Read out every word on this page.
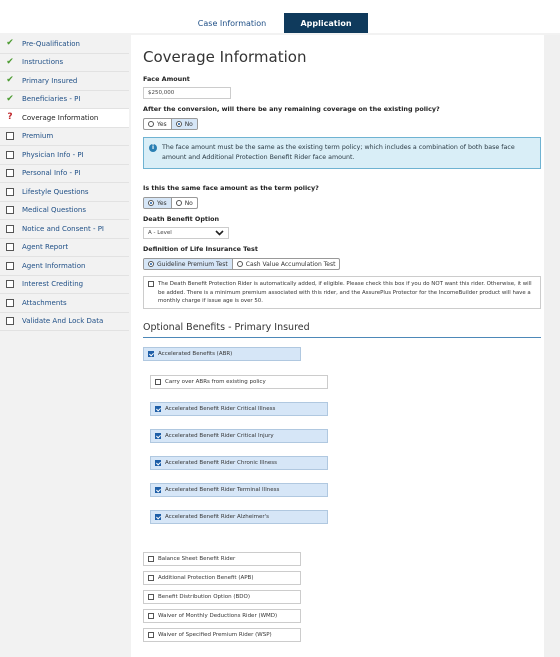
Case Information	Application
✔ Pre-Qualification
✔ Instructions
✔ Primary Insured
✔ Beneficiaries - PI
?	Coverage Information
Premium
Physician Info - PI
Personal Info - PI
Lifestyle Questions
Medical Questions
Notice and Consent - PI
Agent Report
Agent Information
Interest Crediting
Attachments
Validate And Lock Data
Coverage Information
Face Amount
$250,000
After the conversion, will there be any remaining coverage on the existing policy?
Yes	No
i	The face amount must be the same as the existing term policy; which includes a combination of both base face amount and Additional Protection Benefit Rider face amount.
Is this the same face amount as the term policy?
Yes	No
Death Benefit Option
A - Level
Definition of Life Insurance Test
Guideline Premium Test	Cash Value Accumulation Test
The Death Benefit Protection Rider is automatically added, if eligible. Please check this box if you do NOT want this rider. Otherwise, it will be added. There is a minimum premium associated with this rider, and the AssurePlus Protector for the IncomeBuilder product will have a monthly charge if issue age is over 50.
Optional Benefits - Primary Insured
Accelerated Benefits (ABR)
Carry over ABRs from existing policy
Accelerated Benefit Rider Critical Illness
Accelerated Benefit Rider Critical Injury
Accelerated Benefit Rider Chronic Illness
Accelerated Benefit Rider Terminal Illness
Accelerated Benefit Rider Alzheimer's
Balance Sheet Benefit Rider
Additional Protection Benefit (APB)
Benefit Distribution Option (BDO)
Waiver of Monthly Deductions Rider (WMD)
Waiver of Specified Premium Rider (WSP)
